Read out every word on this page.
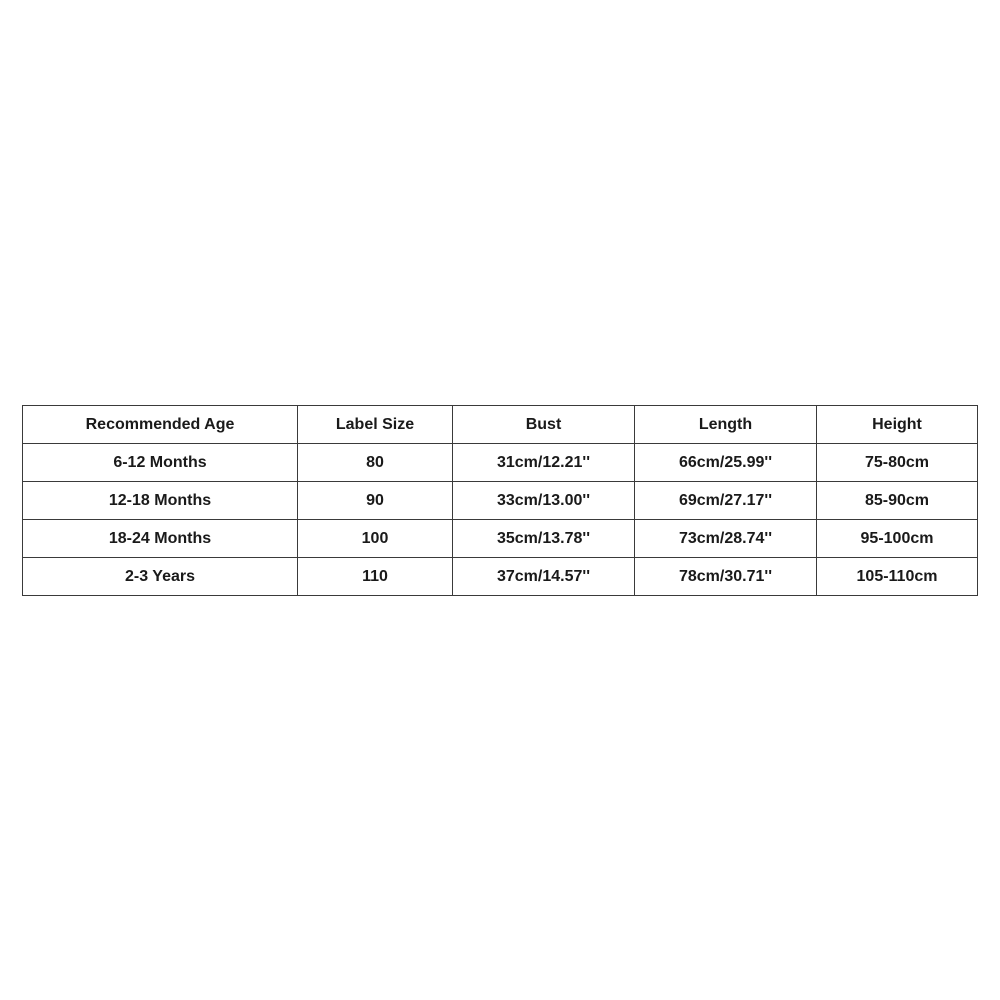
Recommended Age	Label Size	Bust	Length	Height
6-12 Months	80	31cm/12.21''	66cm/25.99''	75-80cm
12-18 Months	90	33cm/13.00''	69cm/27.17''	85-90cm
18-24 Months	100	35cm/13.78''	73cm/28.74''	95-100cm
2-3 Years	110	37cm/14.57''	78cm/30.71''	105-110cm
